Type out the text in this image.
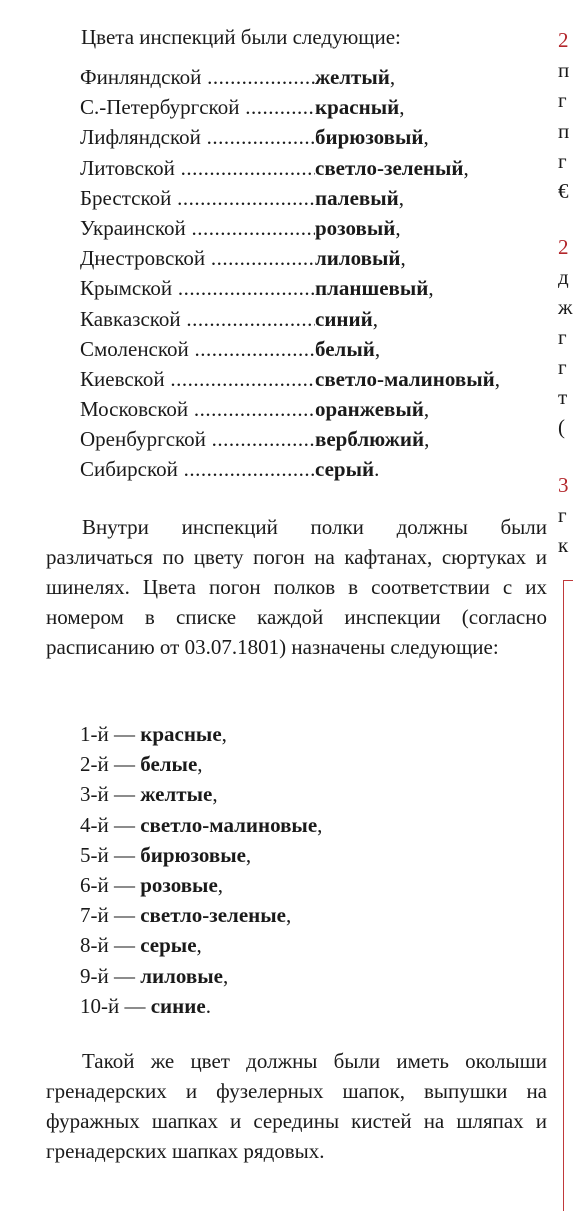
Цвета инспекций были следующие:
Финляндской .....	желтый ,
С.-Петербургской .....	красный ,
Лифляндской .....	бирюзовый ,
Литовской .....	светло-зеленый ,
Брестской .....	палевый ,
Украинской .....	розовый ,
Днестровской .....	лиловый ,
Крымской .....	планшевый ,
Кавказской .....	синий ,
Смоленской .....	белый ,
Киевской .....	светло-малиновый ,
Московской .....	оранжевый ,
Оренбургской .....	верблюжий ,
Сибирской .....	серый .

Внутри инспекций полки должны были различаться по цвету погон на кафтанах, сюртуках и шинелях. Цвета погон полков в соответствии с их номером в списке каждой инспекции (согласно расписанию от 03.07.1801) назначены следующие:

1-й — красные,
2-й — белые,
3-й — желтые,
4-й — светло-малиновые,
5-й — бирюзовые,
6-й — розовые,
7-й — светло-зеленые,
8-й — серые,
9-й — лиловые,
10-й — синие.

Такой же цвет должны были иметь околыши гренадерских и фузелерных шапок, выпушки на фуражных шапках и середины кистей на шляпах и гренадерских шапках рядовых.

2
п
г
п
г
€
2
д
ж
г
г
т
(
3
г
к
